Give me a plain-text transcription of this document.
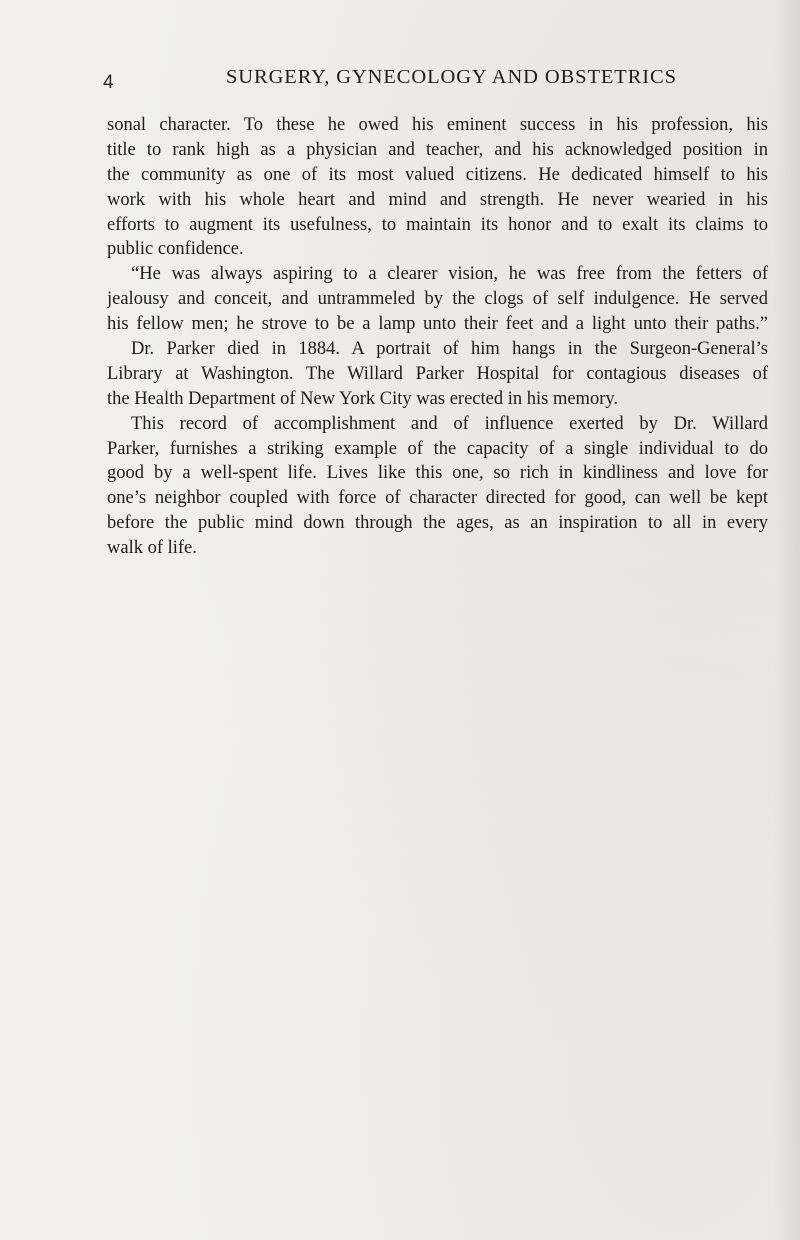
4	SURGERY, GYNECOLOGY AND OBSTETRICS
sonal character. To these he owed his eminent success in his profession, his
title to rank high as a physician and teacher, and his acknowledged position in
the community as one of its most valued citizens. He dedicated himself to his
work with his whole heart and mind and strength. He never wearied in his
efforts to augment its usefulness, to maintain its honor and to exalt its claims to
public confidence.
“He was always aspiring to a clearer vision, he was free from the fetters of
jealousy and conceit, and untrammeled by the clogs of self indulgence. He served
his fellow men; he strove to be a lamp unto their feet and a light unto their paths.”
Dr. Parker died in 1884. A portrait of him hangs in the Surgeon-General’s
Library at Washington. The Willard Parker Hospital for contagious diseases of
the Health Department of New York City was erected in his memory.
This record of accomplishment and of influence exerted by Dr. Willard
Parker, furnishes a striking example of the capacity of a single individual to do
good by a well-spent life. Lives like this one, so rich in kindliness and love for
one’s neighbor coupled with force of character directed for good, can well be kept
before the public mind down through the ages, as an inspiration to all in every
walk of life.
